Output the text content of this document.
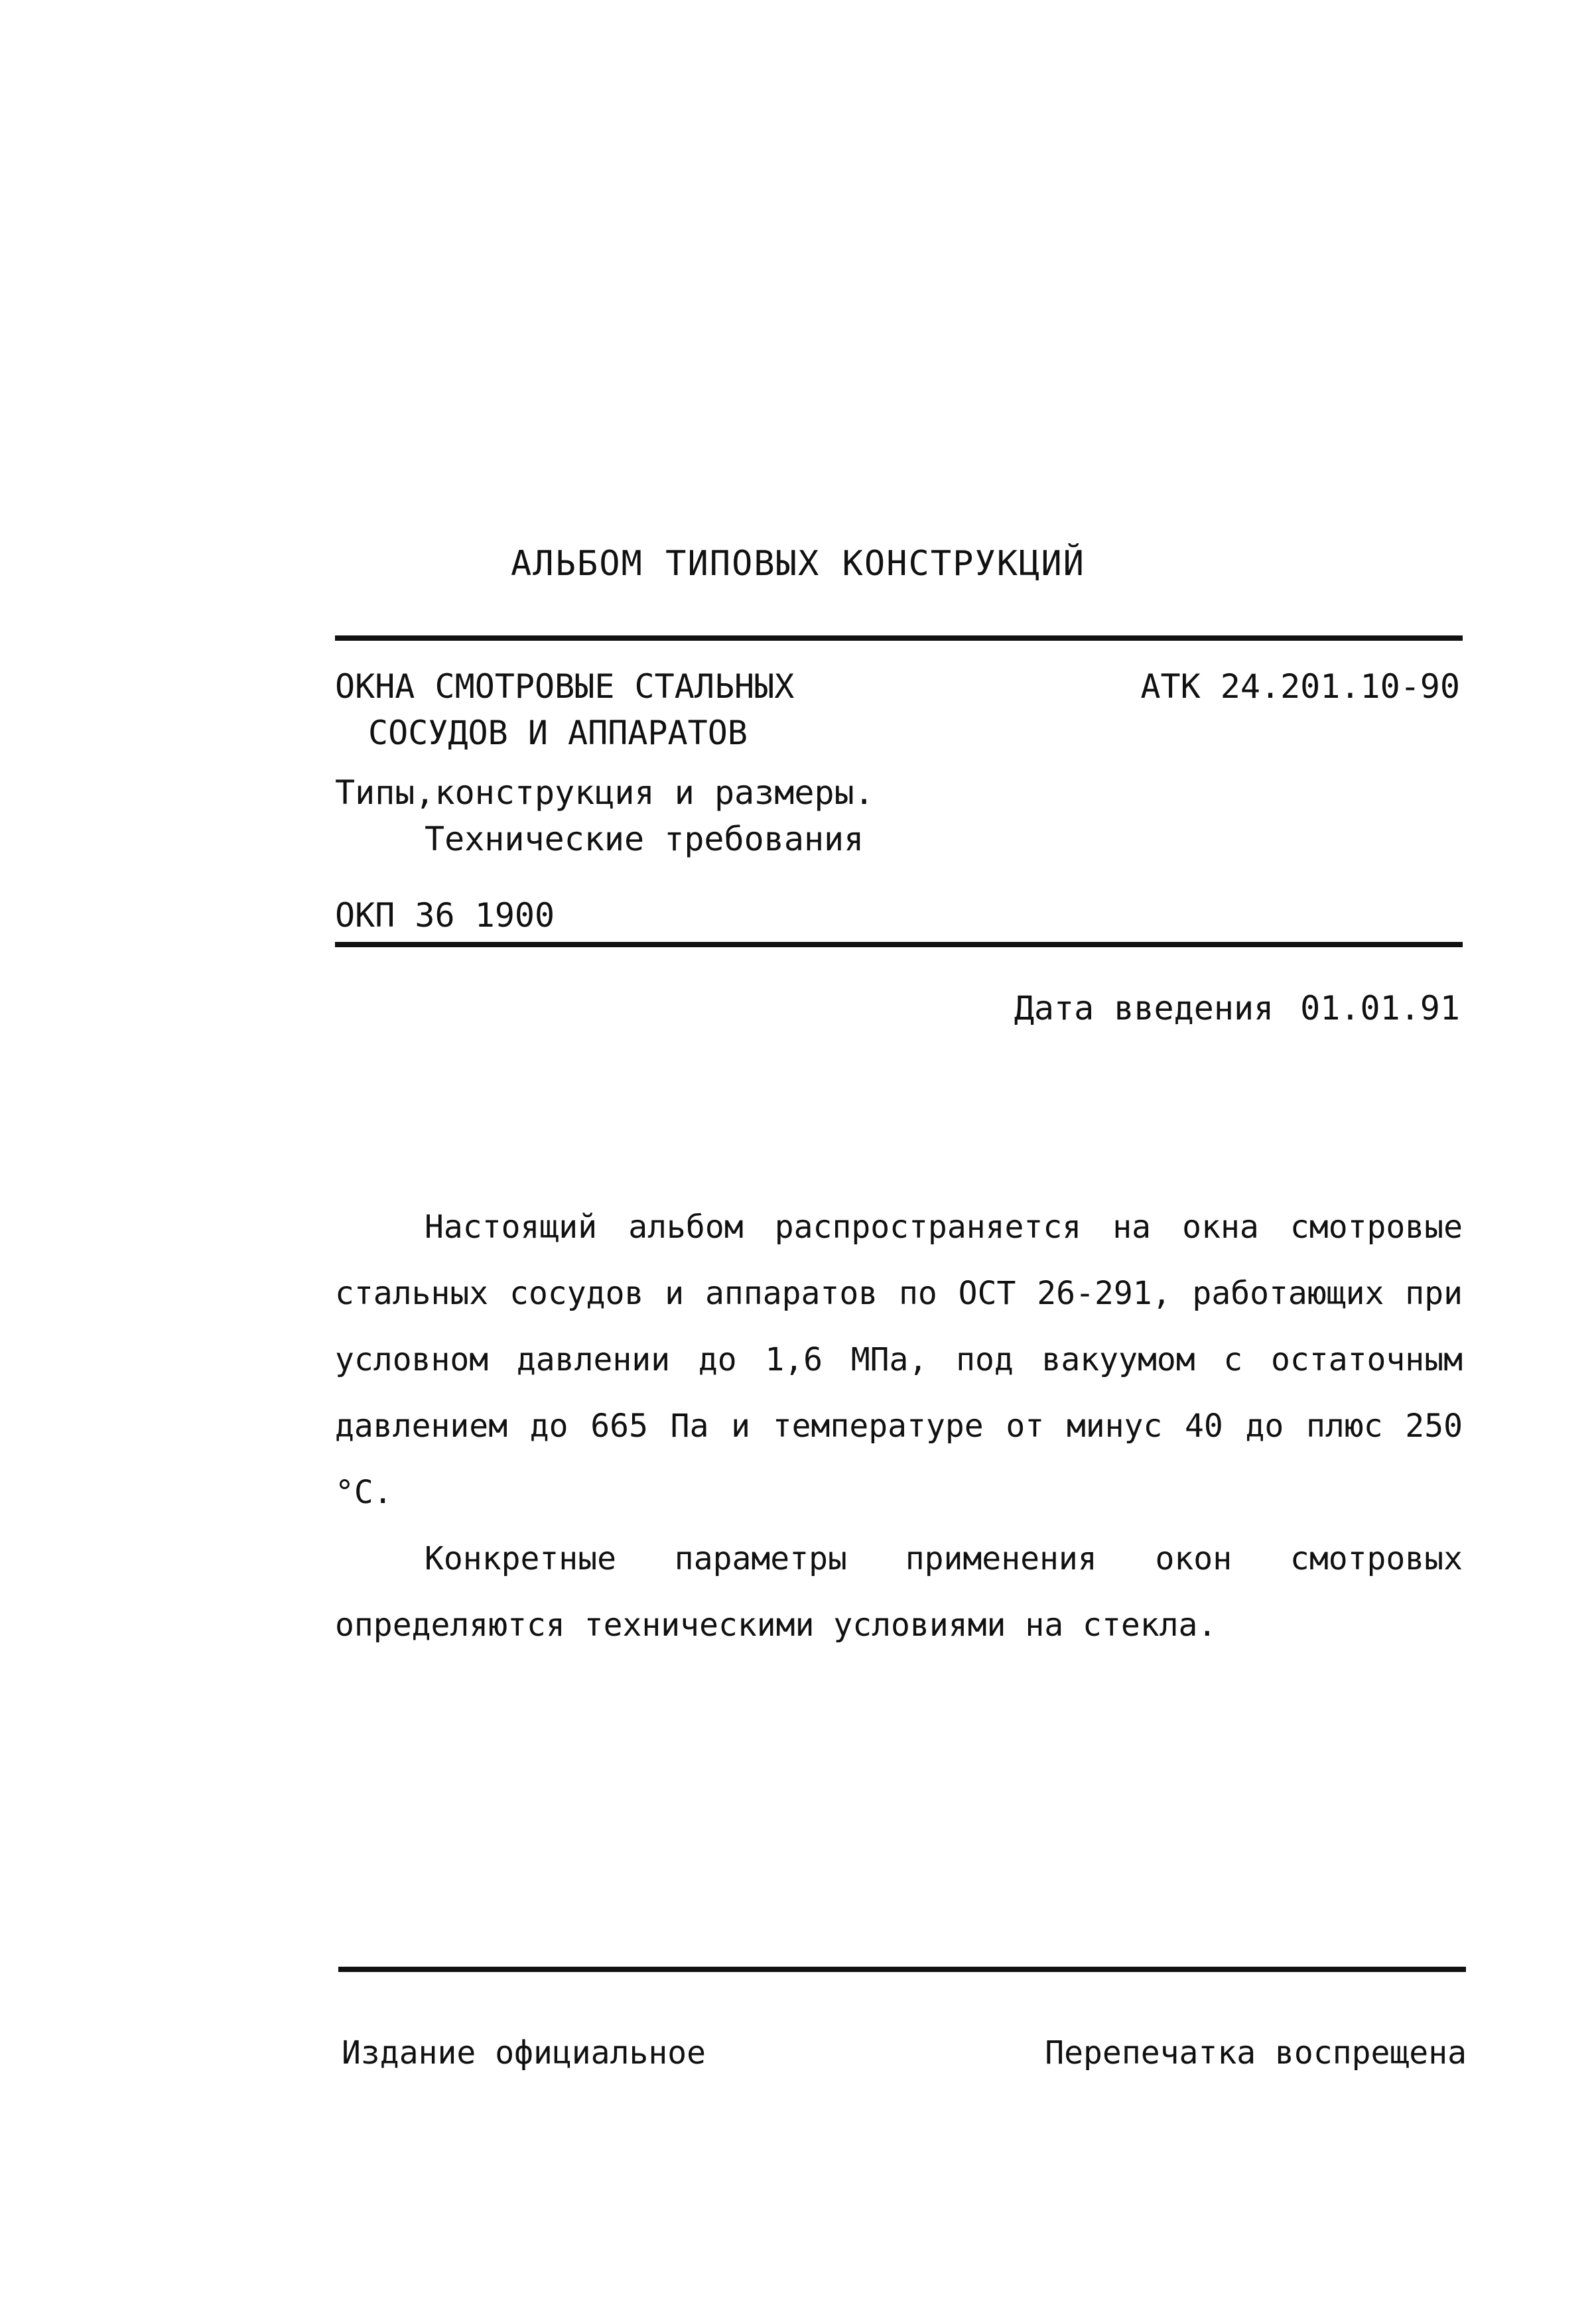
АЛЬБОМ ТИПОВЫХ КОНСТРУКЦИЙ
ОКНА СМОТРОВЫЕ СТАЛЬНЫХ
СОСУДОВ И АППАРАТОВ
АТК 24.201.10-90
Типы,конструкция и размеры.
Технические требования
ОКП 36 1900
Дата введения 01.01.91

Настоящий альбом распространяется на окна смотровые стальных сосудов и аппаратов по ОСТ 26-291, работающих при условном давлении до 1,6 МПа, под вакуумом с остаточным давлением до 665 Па и температуре от минус 40 до плюс 250 °С.

Конкретные параметры применения окон смотровых определяются техническими условиями на стекла.

Издание официальное	Перепечатка воспрещена
